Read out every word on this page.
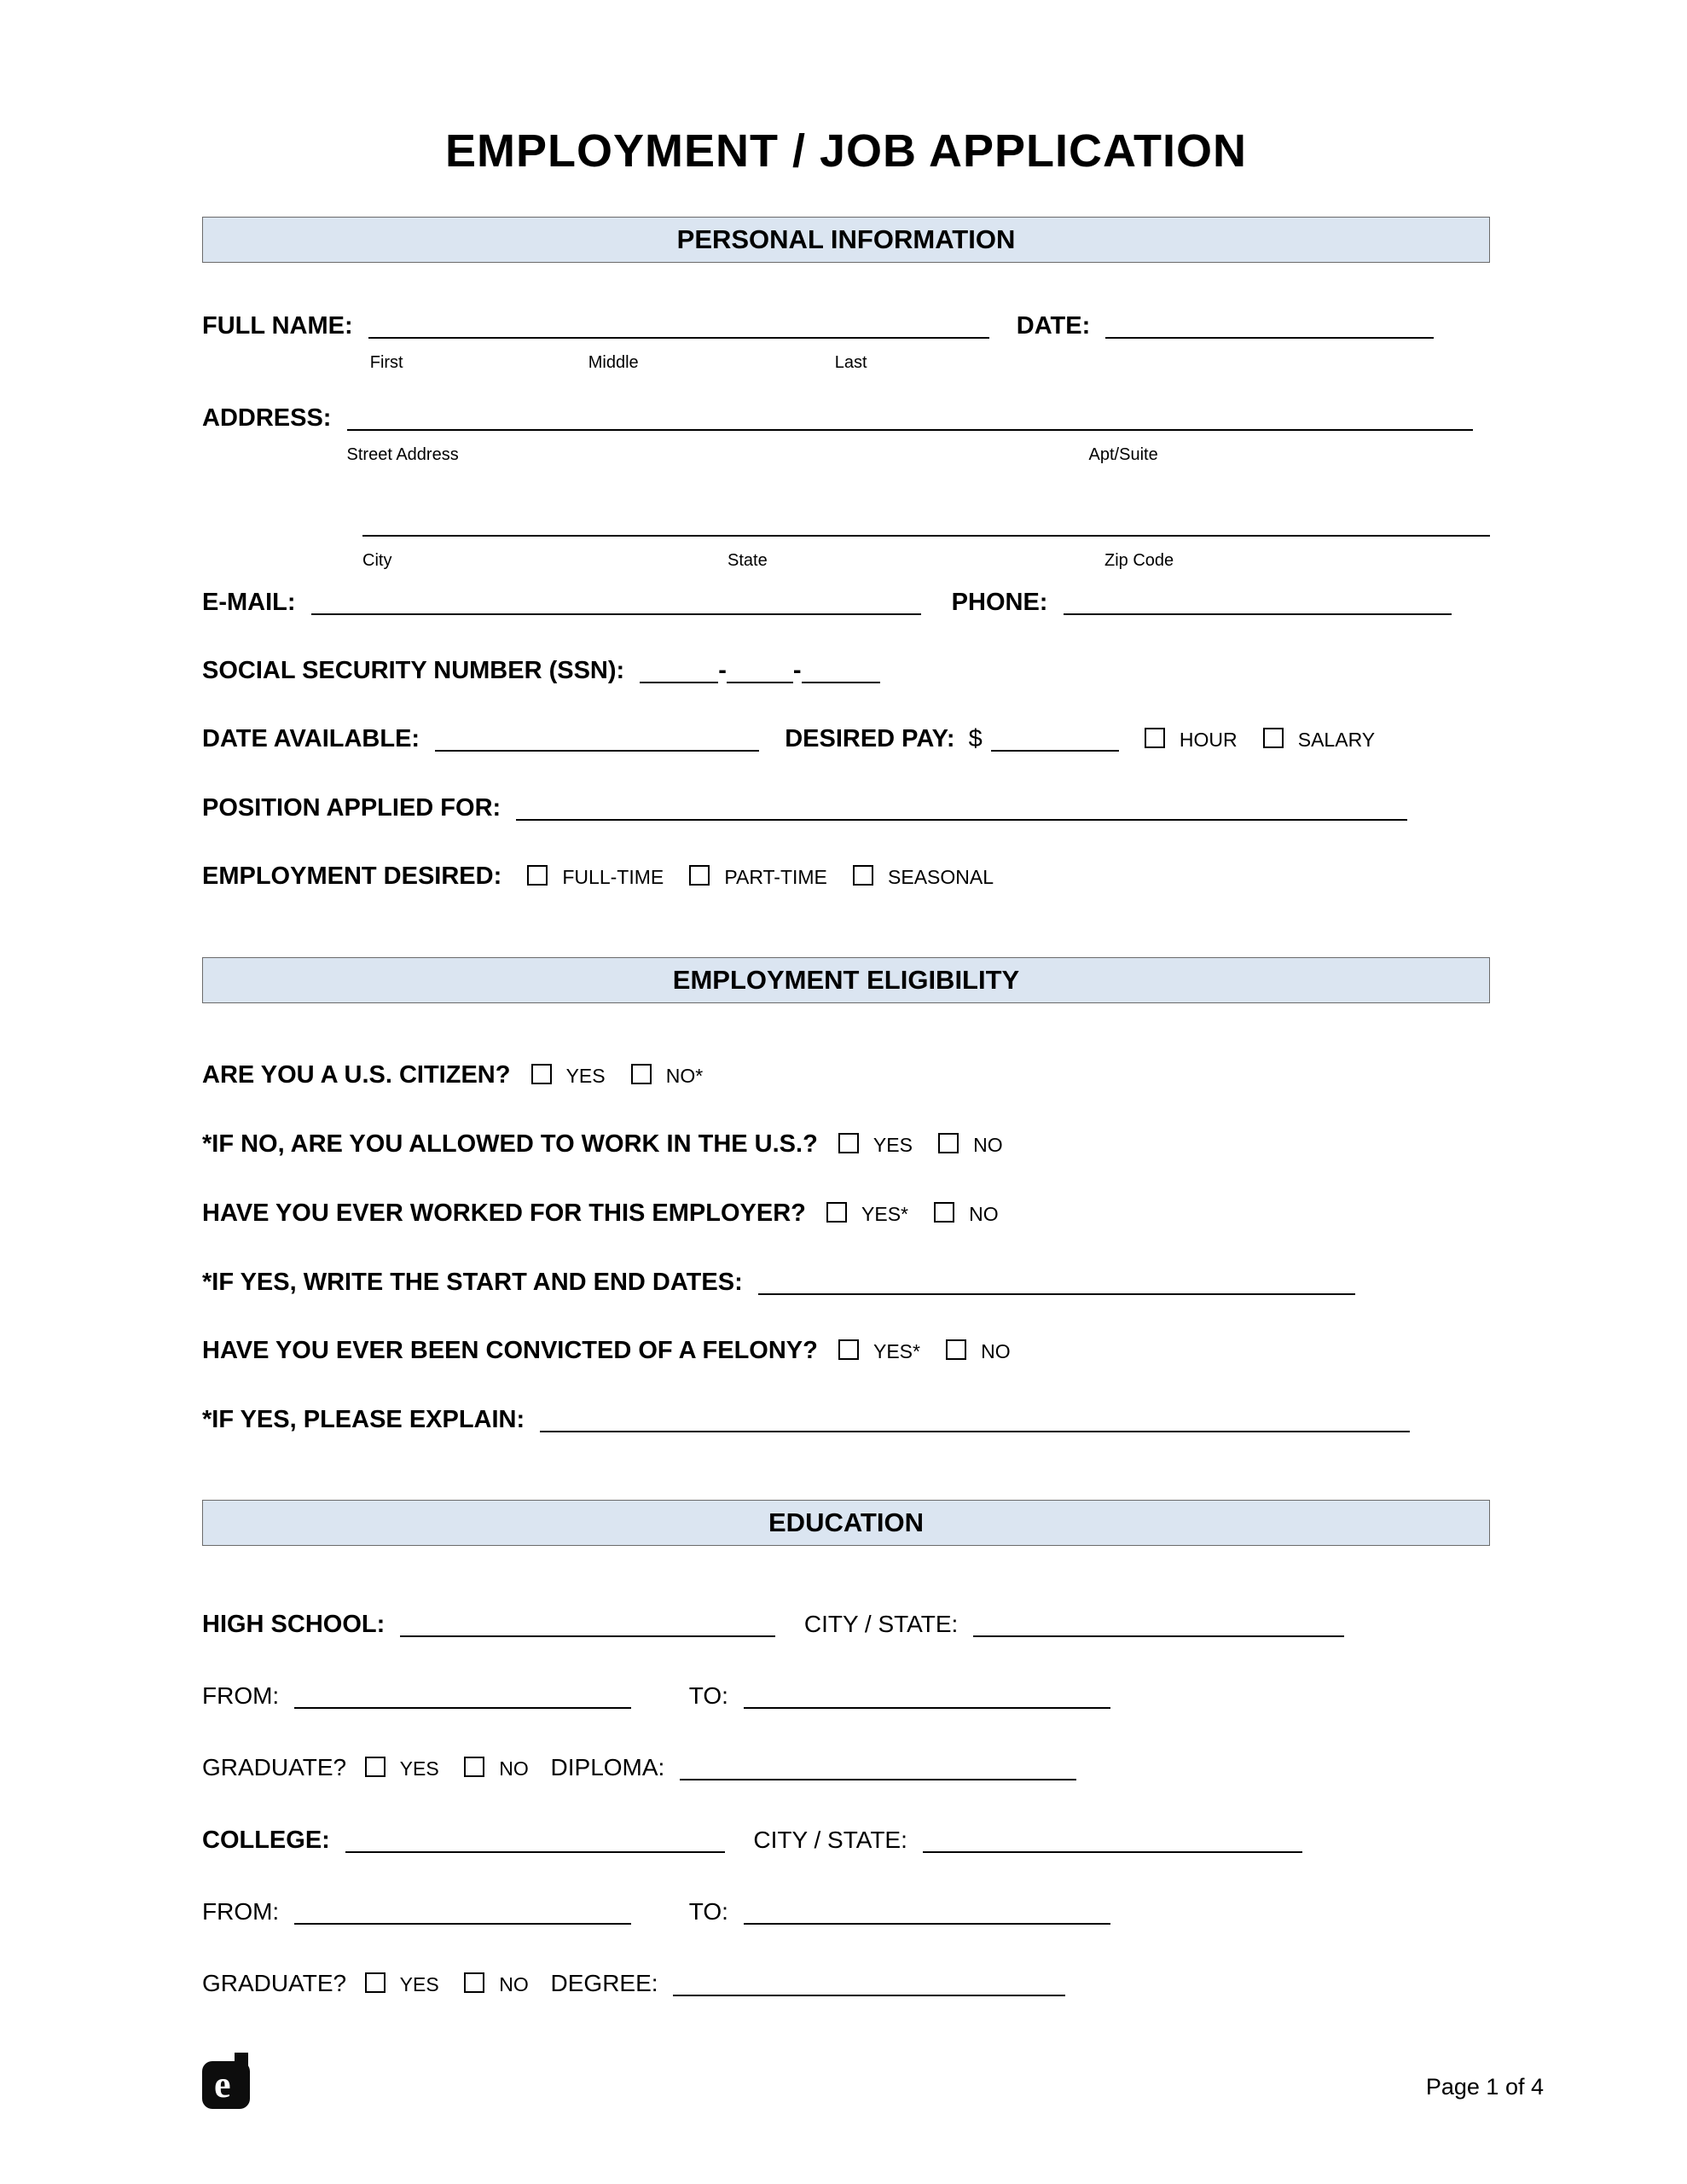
EMPLOYMENT / JOB APPLICATION
PERSONAL INFORMATION
FULL NAME:
First	Middle	Last
DATE:
ADDRESS:
Street Address	Apt/Suite
City	State	Zip Code
E-MAIL:	PHONE:
SOCIAL SECURITY NUMBER (SSN):	-	-
DATE AVAILABLE:	DESIRED PAY: $	HOUR	SALARY
POSITION APPLIED FOR:
EMPLOYMENT DESIRED:	FULL-TIME	PART-TIME	SEASONAL
EMPLOYMENT ELIGIBILITY
ARE YOU A U.S. CITIZEN?	YES	NO*
*IF NO, ARE YOU ALLOWED TO WORK IN THE U.S.?	YES	NO
HAVE YOU EVER WORKED FOR THIS EMPLOYER?	YES*	NO
*IF YES, WRITE THE START AND END DATES:
HAVE YOU EVER BEEN CONVICTED OF A FELONY?	YES*	NO
*IF YES, PLEASE EXPLAIN:
EDUCATION
HIGH SCHOOL:	CITY / STATE:
FROM:	TO:
GRADUATE?	YES	NO DIPLOMA:
COLLEGE:	CITY / STATE:
FROM:	TO:
GRADUATE?	YES	NO DEGREE:
e	Page 1 of 4
